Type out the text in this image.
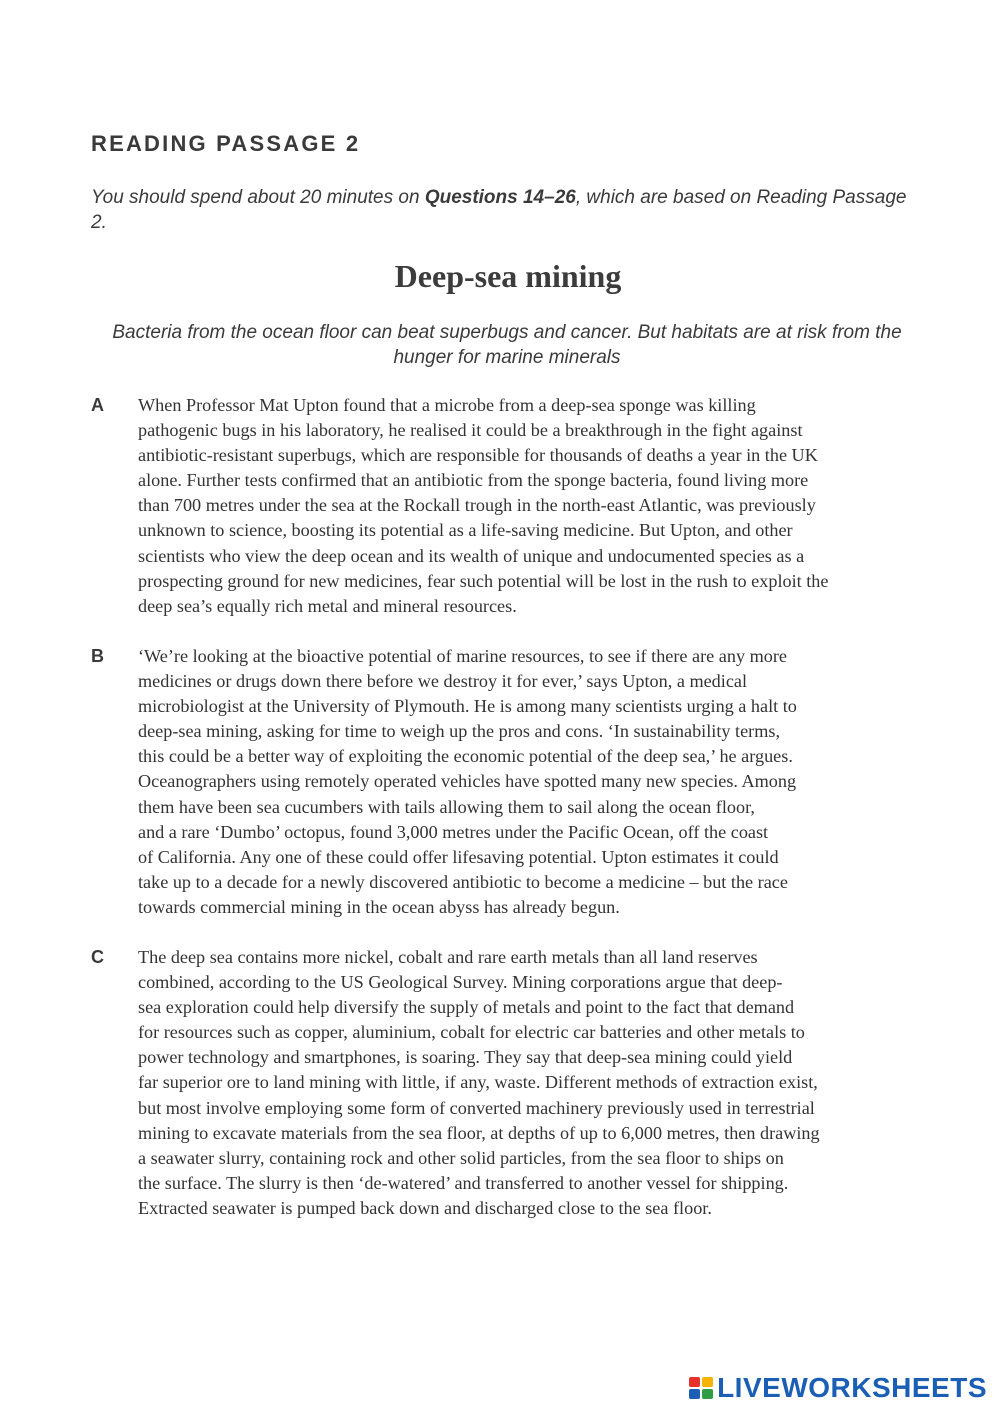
READING PASSAGE 2

You should spend about 20 minutes on Questions 14–26, which are based on Reading Passage 2.

Deep-sea mining

Bacteria from the ocean floor can beat superbugs and cancer. But habitats are at risk from the hunger for marine minerals

A When Professor Mat Upton found that a microbe from a deep-sea sponge was killing
pathogenic bugs in his laboratory, he realised it could be a breakthrough in the fight against
antibiotic-resistant superbugs, which are responsible for thousands of deaths a year in the UK
alone. Further tests confirmed that an antibiotic from the sponge bacteria, found living more
than 700 metres under the sea at the Rockall trough in the north-east Atlantic, was previously
unknown to science, boosting its potential as a life-saving medicine. But Upton, and other
scientists who view the deep ocean and its wealth of unique and undocumented species as a
prospecting ground for new medicines, fear such potential will be lost in the rush to exploit the
deep sea’s equally rich metal and mineral resources.

B ‘We’re looking at the bioactive potential of marine resources, to see if there are any more
medicines or drugs down there before we destroy it for ever,’ says Upton, a medical
microbiologist at the University of Plymouth. He is among many scientists urging a halt to
deep-sea mining, asking for time to weigh up the pros and cons. ‘In sustainability terms,
this could be a better way of exploiting the economic potential of the deep sea,’ he argues.
Oceanographers using remotely operated vehicles have spotted many new species. Among
them have been sea cucumbers with tails allowing them to sail along the ocean floor,
and a rare ‘Dumbo’ octopus, found 3,000 metres under the Pacific Ocean, off the coast
of California. Any one of these could offer lifesaving potential. Upton estimates it could
take up to a decade for a newly discovered antibiotic to become a medicine – but the race
towards commercial mining in the ocean abyss has already begun.

C The deep sea contains more nickel, cobalt and rare earth metals than all land reserves
combined, according to the US Geological Survey. Mining corporations argue that deep-
sea exploration could help diversify the supply of metals and point to the fact that demand
for resources such as copper, aluminium, cobalt for electric car batteries and other metals to
power technology and smartphones, is soaring. They say that deep-sea mining could yield
far superior ore to land mining with little, if any, waste. Different methods of extraction exist,
but most involve employing some form of converted machinery previously used in terrestrial
mining to excavate materials from the sea floor, at depths of up to 6,000 metres, then drawing
a seawater slurry, containing rock and other solid particles, from the sea floor to ships on
the surface. The slurry is then ‘de-watered’ and transferred to another vessel for shipping.
Extracted seawater is pumped back down and discharged close to the sea floor.

LIVEWORKSHEETS
